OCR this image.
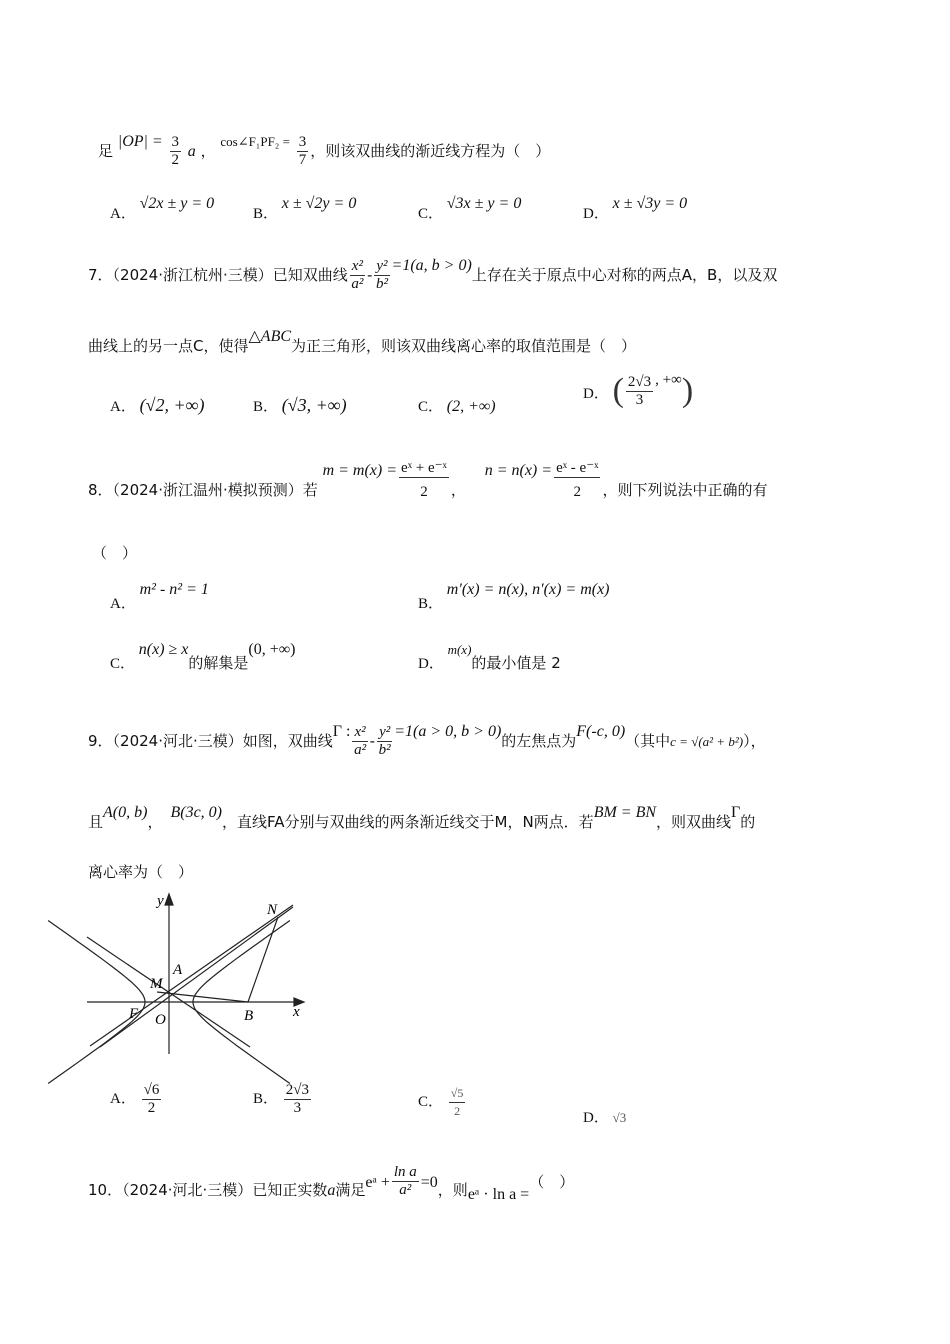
足 $|OP| = \frac{3}{2}$ a ， cos∠F₁PF₂ = $\frac{3}{7}$ ，则该双曲线的渐近线方程为（　）
A． √2x ± y = 0
B． x ± √2y = 0
C． √3x ± y = 0
D． x ± √3y = 0
7．（2024·浙江杭州·三模）已知双曲线 $\frac{\text{x²}}{\text{a²}} - \frac{\text{y²}}{\text{b²}} =1(a$, b > 0)上存在关于原点中心对称的两点A，B，以及双
曲线上的另一点C，使得△ABC为正三角形，则该双曲线离心率的取值范围是（　）
A． (√2, +∞)	B． (√3, +∞)	C． (2, +∞)
D． ( $\frac{2√3}{3}$ , +∞)
8．（2024·浙江温州·模拟预测）若 $m = m(x) = \frac{\text{eˣ + e⁻ˣ}}{2}$ ， $n = n(x) = \frac{\text{eˣ - e⁻ˣ}}{2}$ ，则下列说法中正确的有
（　）
A． m² - n² = 1
B． m′(x) = n(x), n′(x) = m(x)
C． n(x) ≥ x的解集是(0, +∞)
D． m(x)的最小值是 2
9．（2024·河北·三模）如图，双曲线Γ : $\frac{\text{x²}}{\text{a²}} - \frac{\text{y²}}{\text{b²}} =1(a > 0$, b > 0)的左焦点为F(-c, 0)（其中c = √(a² + b²)），
且A(0, b)，B(3c, 0)，直线FA分别与双曲线的两条渐近线交于M，N两点．若BM = BN，则双曲线Γ的
离心率为（　）
y
x
N
M
A
F O	B
A． $\frac{√6}{2}$	B． $\frac{2√3}{3}$	C． $\frac{√5}{2}$	D． √3
10．（2024·河北·三模）已知正实数a满足eᵃ + $\frac{\text{ln a}}{\text{a²}} =0$，则eᵃ · ln a =（　）
